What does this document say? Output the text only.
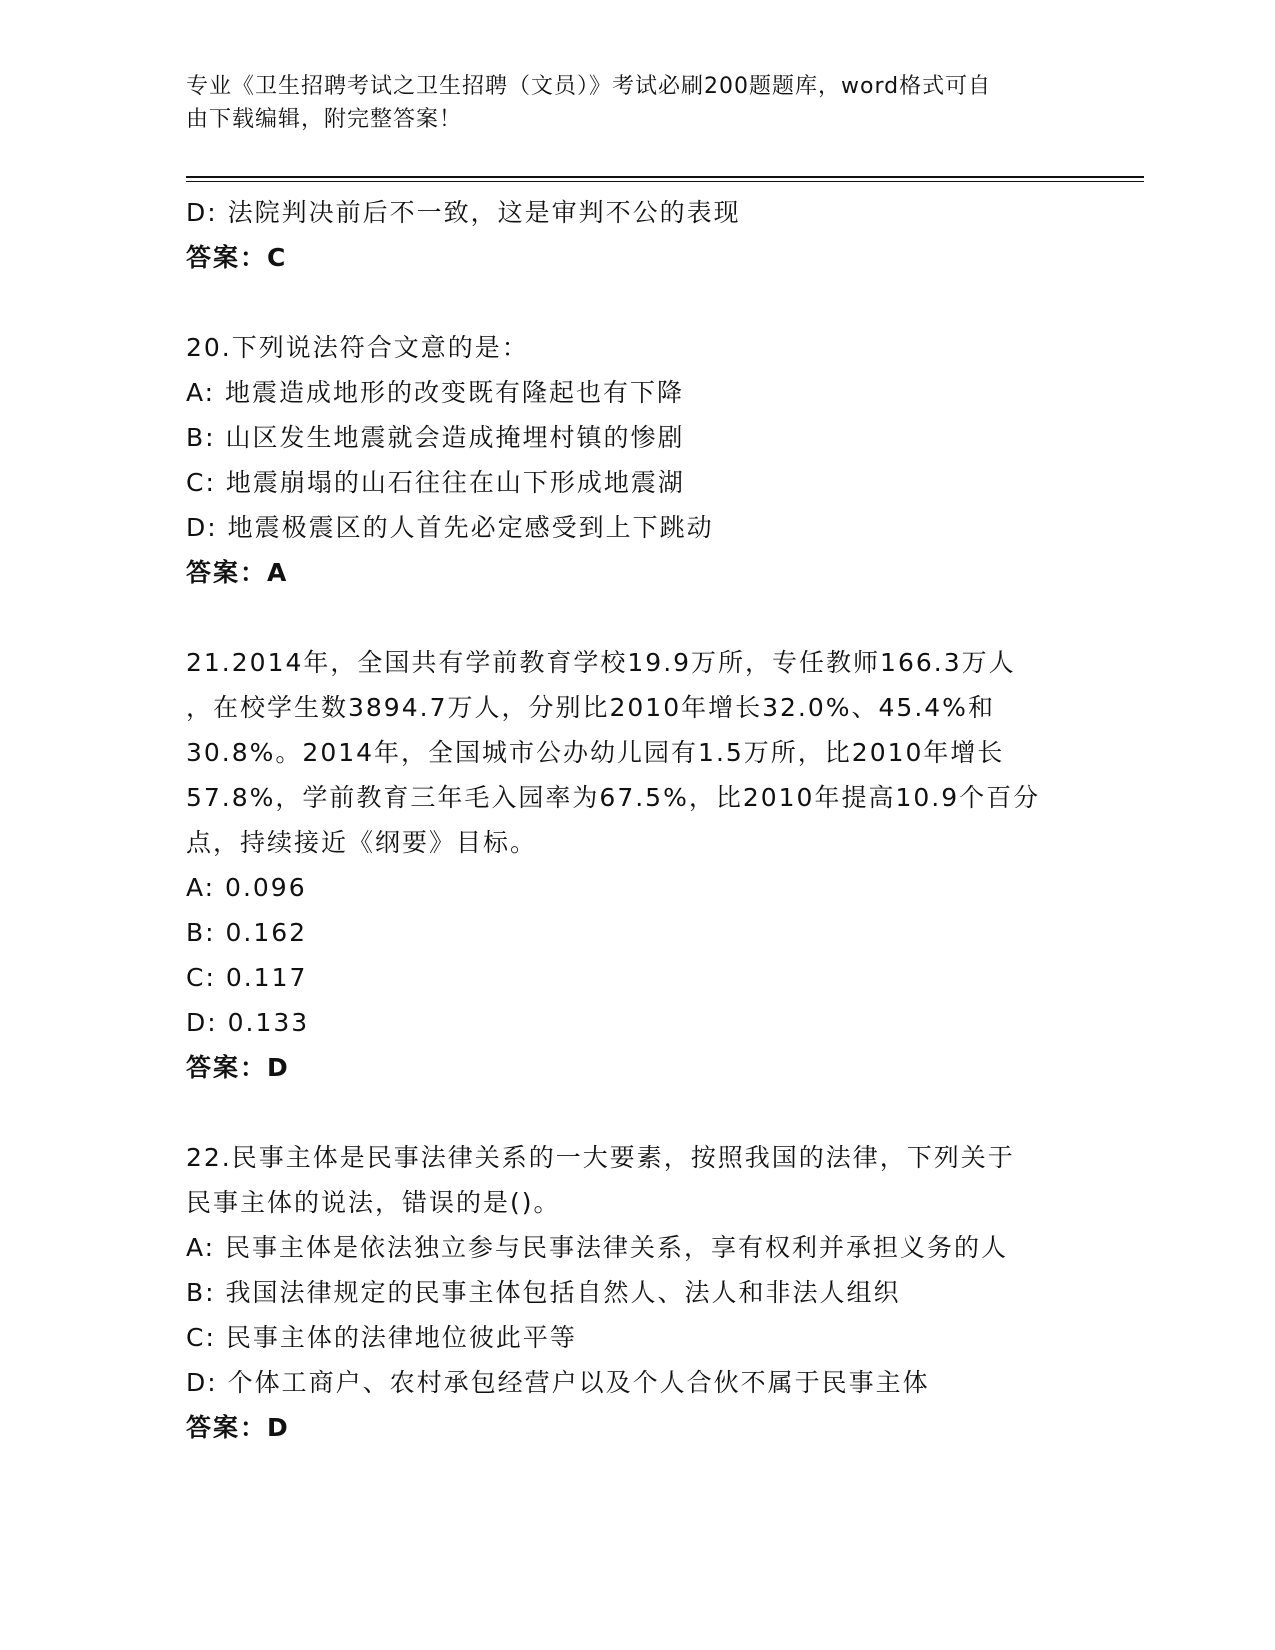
专业《卫生招聘考试之卫生招聘（文员）》考试必刷200题题库，word格式可自
由下载编辑，附完整答案！
D: 法院判决前后不一致，这是审判不公的表现
答案：C
20.下列说法符合文意的是：
A: 地震造成地形的改变既有隆起也有下降
B: 山区发生地震就会造成掩埋村镇的惨剧
C: 地震崩塌的山石往往在山下形成地震湖
D: 地震极震区的人首先必定感受到上下跳动
答案：A
21.2014年，全国共有学前教育学校19.9万所，专任教师166.3万人
，在校学生数3894.7万人，分别比2010年增长32.0%、45.4%和
30.8%。2014年，全国城市公办幼儿园有1.5万所，比2010年增长
57.8%，学前教育三年毛入园率为67.5%，比2010年提高10.9个百分
点，持续接近《纲要》目标。
A: 0.096
B: 0.162
C: 0.117
D: 0.133
答案：D
22.民事主体是民事法律关系的一大要素，按照我国的法律，下列关于
民事主体的说法，错误的是()。
A: 民事主体是依法独立参与民事法律关系，享有权利并承担义务的人
B: 我国法律规定的民事主体包括自然人、法人和非法人组织
C: 民事主体的法律地位彼此平等
D: 个体工商户、农村承包经营户以及个人合伙不属于民事主体
答案：D
